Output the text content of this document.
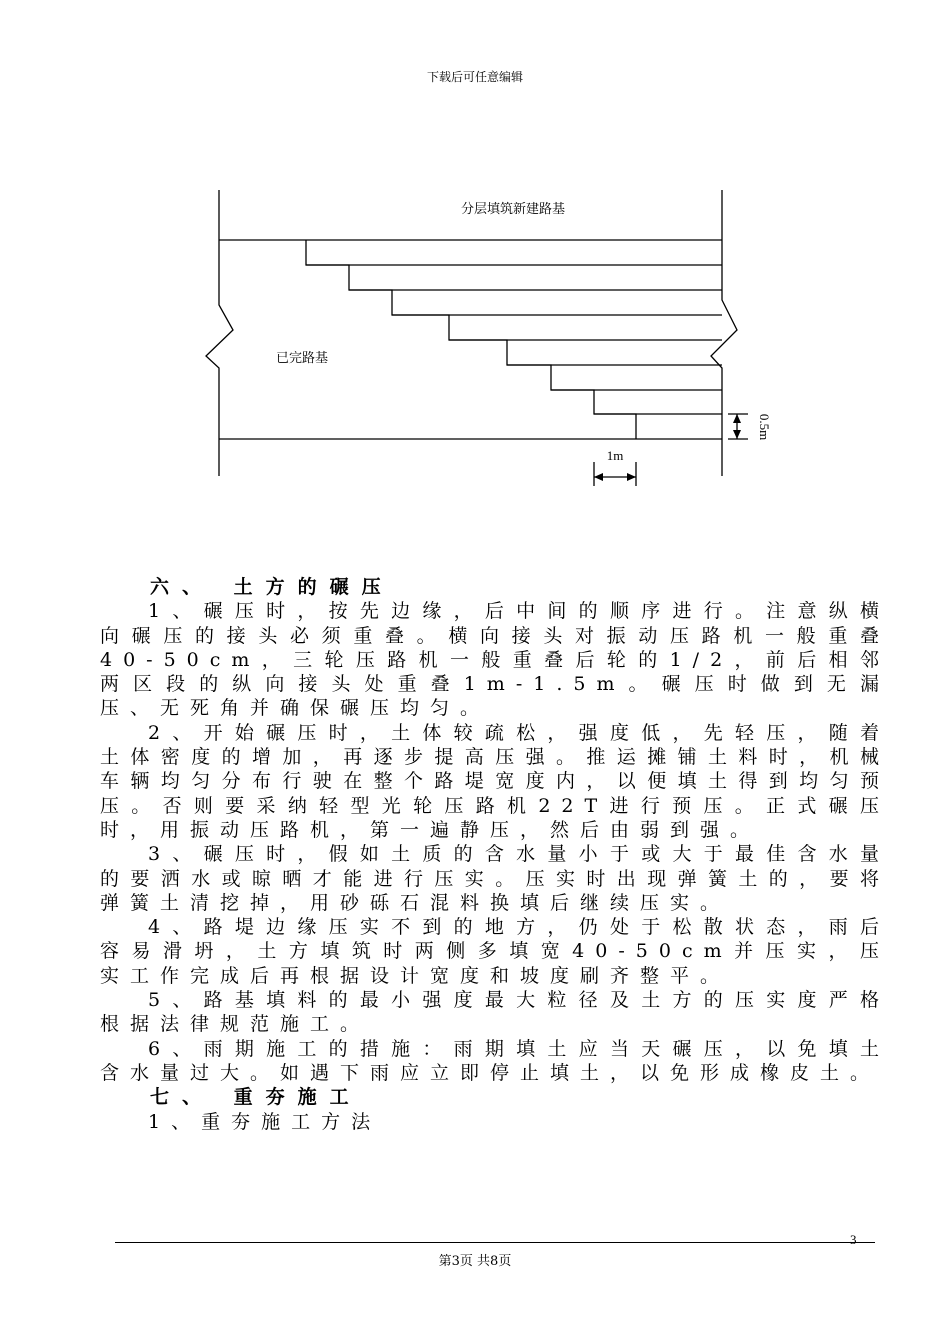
下载后可任意编辑
分层填筑新建路基
已完路基
1m
0.5m

六、 土方的碾压

1、碾压时，按先边缘，后中间的顺序进行。注意纵横向碾压的接头必须重叠。横向接头对振动压路机一般重叠40-50cm，三轮压路机一般重叠后轮的1/2，前后相邻两区段的纵向接头处重叠1m-1.5m。碾压时做到无漏压、无死角并确保碾压均匀。

2、开始碾压时，土体较疏松，强度低，先轻压，随着土体密度的增加，再逐步提高压强。推运摊铺土料时，机械车辆均匀分布行驶在整个路堤宽度内，以便填土得到均匀预压。否则要采纳轻型光轮压路机22T进行预压。正式碾压时，用振动压路机，第一遍静压，然后由弱到强。

3、碾压时，假如土质的含水量小于或大于最佳含水量的要洒水或晾晒才能进行压实。压实时出现弹簧土的，要将弹簧土清挖掉，用砂砾石混料换填后继续压实。

4、路堤边缘压实不到的地方，仍处于松散状态，雨后容易滑坍，土方填筑时两侧多填宽40-50cm并压实，压实工作完成后再根据设计宽度和坡度刷齐整平。

5、路基填料的最小强度最大粒径及土方的压实度严格根据法律规范施工。

6、雨期施工的措施：雨期填土应当天碾压，以免填土含水量过大。如遇下雨应立即停止填土，以免形成橡皮土。

七、 重夯施工

1、重夯施工方法

3
第3页 共8页
